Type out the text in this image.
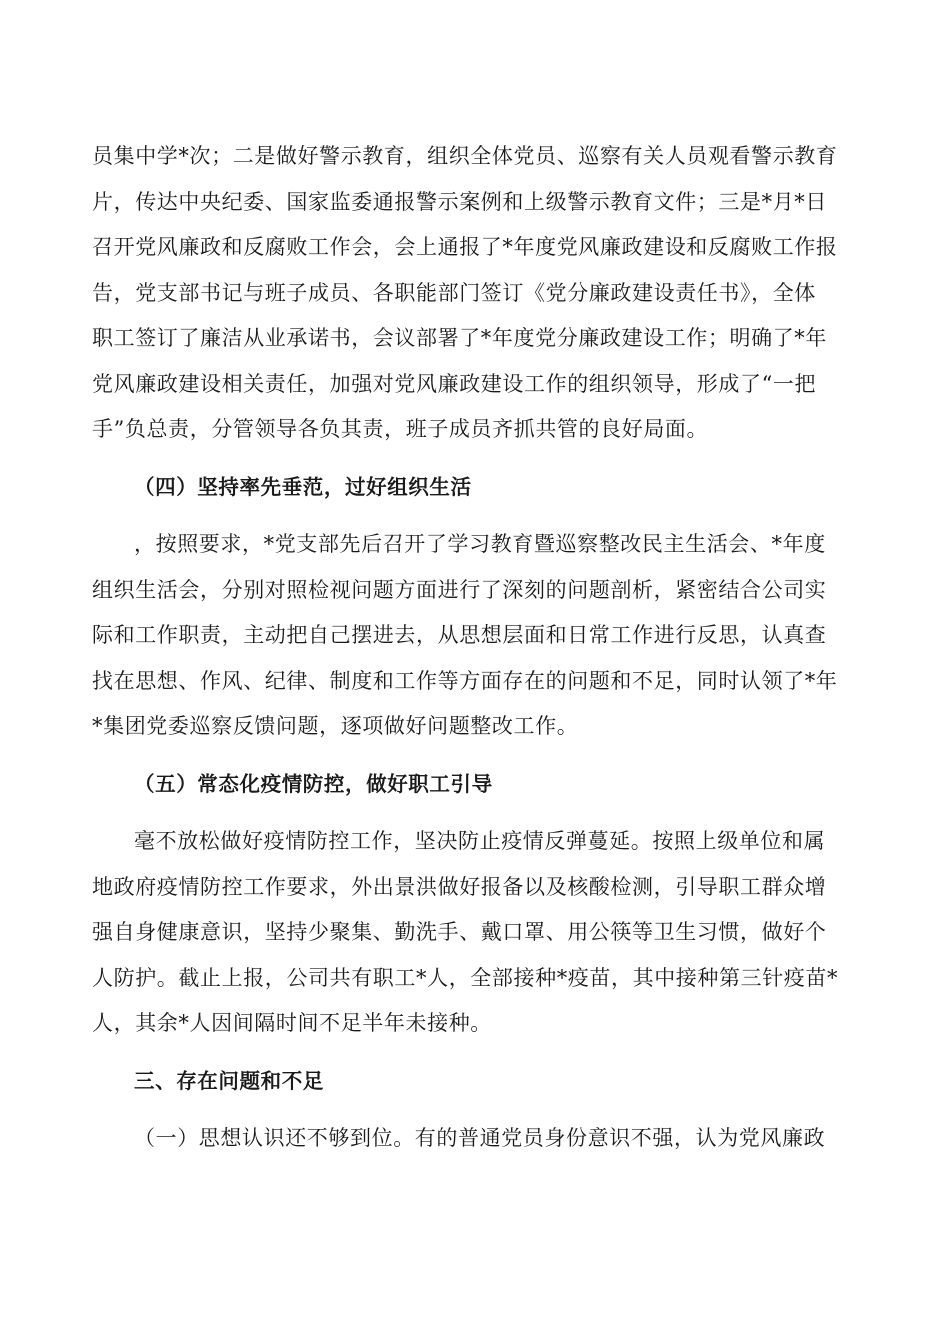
员集中学*次；二是做好警示教育，组织全体党员、巡察有关人员观看警示教育
片，传达中央纪委、国家监委通报警示案例和上级警示教育文件；三是*月*日
召开党风廉政和反腐败工作会，会上通报了*年度党风廉政建设和反腐败工作报
告，党支部书记与班子成员、各职能部门签订《党分廉政建设责任书》，全体
职工签订了廉洁从业承诺书，会议部署了*年度党分廉政建设工作；明确了*年
党风廉政建设相关责任，加强对党风廉政建设工作的组织领导，形成了“一把
手”负总责，分管领导各负其责，班子成员齐抓共管的良好局面。
（四）坚持率先垂范，过好组织生活
，按照要求，*党支部先后召开了学习教育暨巡察整改民主生活会、*年度
组织生活会，分别对照检视问题方面进行了深刻的问题剖析，紧密结合公司实
际和工作职责，主动把自己摆进去，从思想层面和日常工作进行反思，认真查
找在思想、作风、纪律、制度和工作等方面存在的问题和不足，同时认领了*年
*集团党委巡察反馈问题，逐项做好问题整改工作。
（五）常态化疫情防控，做好职工引导
毫不放松做好疫情防控工作，坚决防止疫情反弹蔓延。按照上级单位和属
地政府疫情防控工作要求，外出景洪做好报备以及核酸检测，引导职工群众增
强自身健康意识，坚持少聚集、勤洗手、戴口罩、用公筷等卫生习惯，做好个
人防护。截止上报，公司共有职工*人，全部接种*疫苗，其中接种第三针疫苗*
人，其余*人因间隔时间不足半年未接种。
三、存在问题和不足
（一）思想认识还不够到位。有的普通党员身份意识不强，认为党风廉政
